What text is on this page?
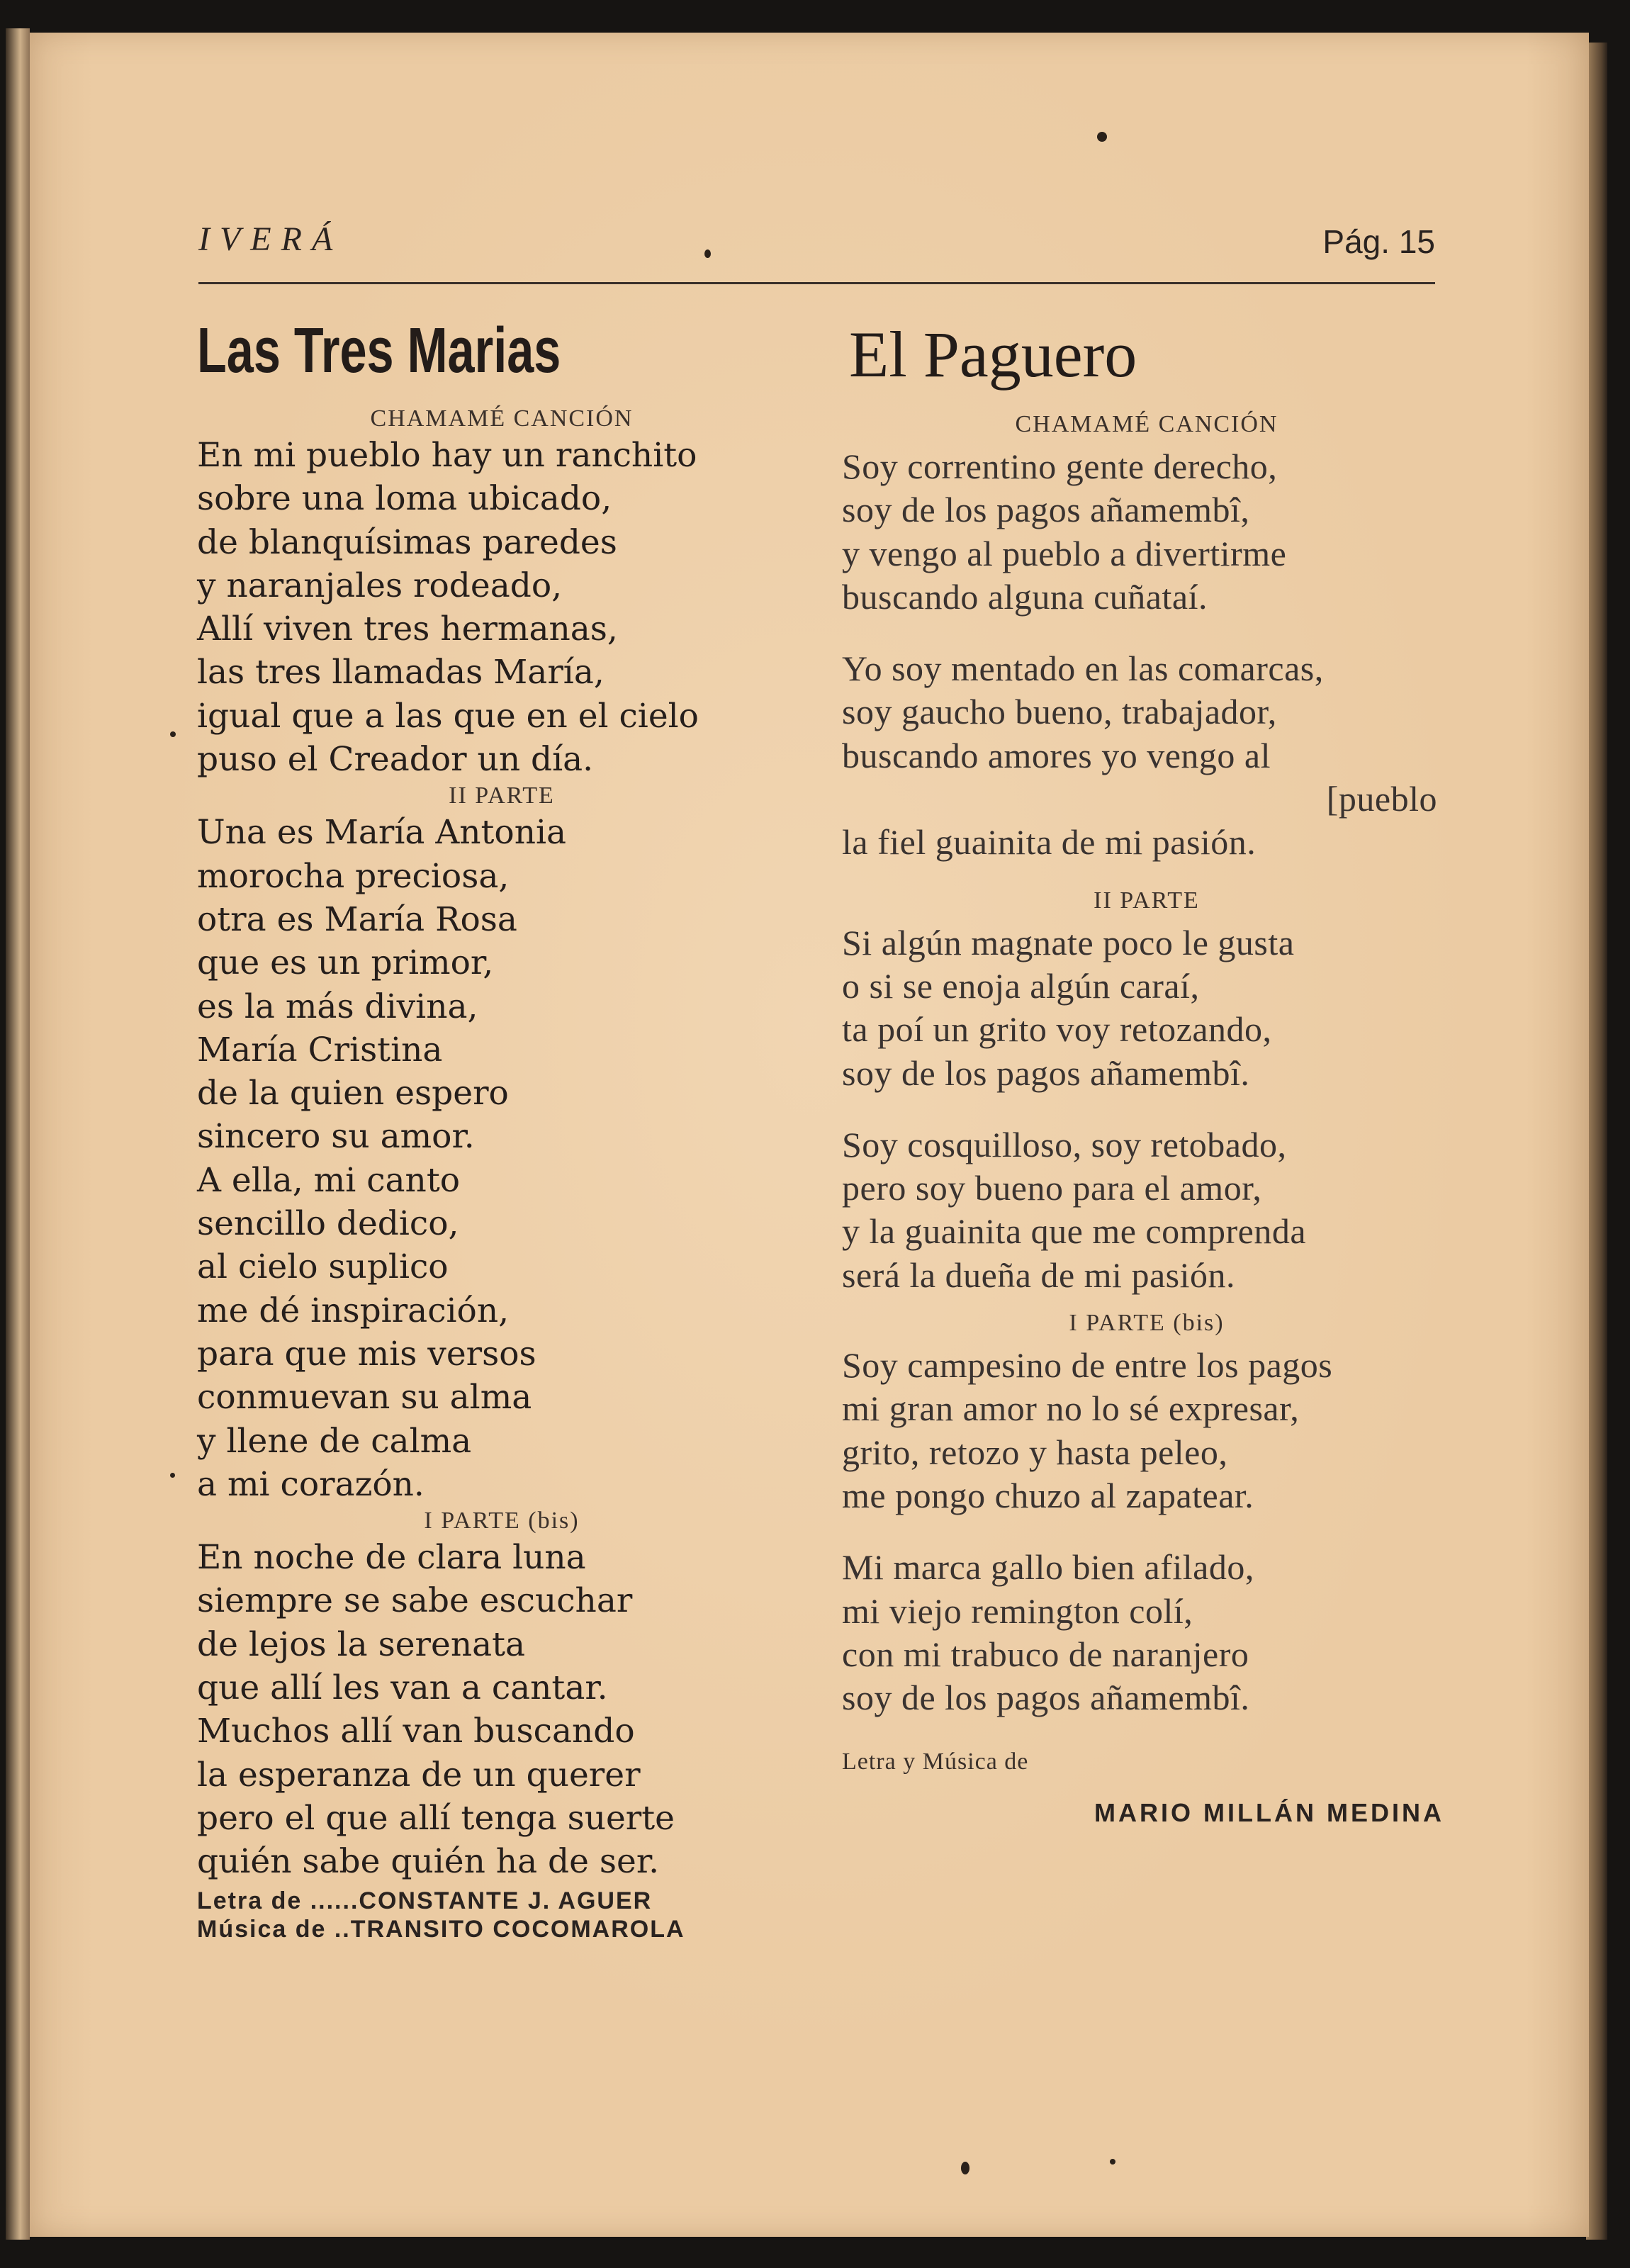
IVERÁ	Pág. 15
Las Tres Marias
CHAMAMÉ CANCIÓN
En mi pueblo hay un ranchito
sobre una loma ubicado,
de blanquísimas paredes
y naranjales rodeado,
Allí viven tres hermanas,
las tres llamadas María,
igual que a las que en el cielo
puso el Creador un día.
II PARTE
Una es María Antonia
morocha preciosa,
otra es María Rosa
que es un primor,
es la más divina,
María Cristina
de la quien espero
sincero su amor.
A ella, mi canto
sencillo dedico,
al cielo suplico
me dé inspiración,
para que mis versos
conmuevan su alma
y llene de calma
a mi corazón.
I PARTE (bis)
En noche de clara luna
siempre se sabe escuchar
de lejos la serenata
que allí les van a cantar.
Muchos allí van buscando
la esperanza de un querer
pero el que allí tenga suerte
quién sabe quién ha de ser.
Letra de ......CONSTANTE J. AGUER
Música de ..TRANSITO COCOMAROLA
El Paguero
CHAMAMÉ CANCIÓN
Soy correntino gente derecho,
soy de los pagos añamembî,
y vengo al pueblo a divertirme
buscando alguna cuñataí.
Yo soy mentado en las comarcas,
soy gaucho bueno, trabajador,
buscando amores yo vengo al
[pueblo
la fiel guainita de mi pasión.
II PARTE
Si algún magnate poco le gusta
o si se enoja algún caraí,
ta poí un grito voy retozando,
soy de los pagos añamembî.
Soy cosquilloso, soy retobado,
pero soy bueno para el amor,
y la guainita que me comprenda
será la dueña de mi pasión.
I PARTE (bis)
Soy campesino de entre los pagos
mi gran amor no lo sé expresar,
grito, retozo y hasta peleo,
me pongo chuzo al zapatear.
Mi marca gallo bien afilado,
mi viejo remington colí,
con mi trabuco de naranjero
soy de los pagos añamembî.
Letra y Música de
MARIO MILLÁN MEDINA
